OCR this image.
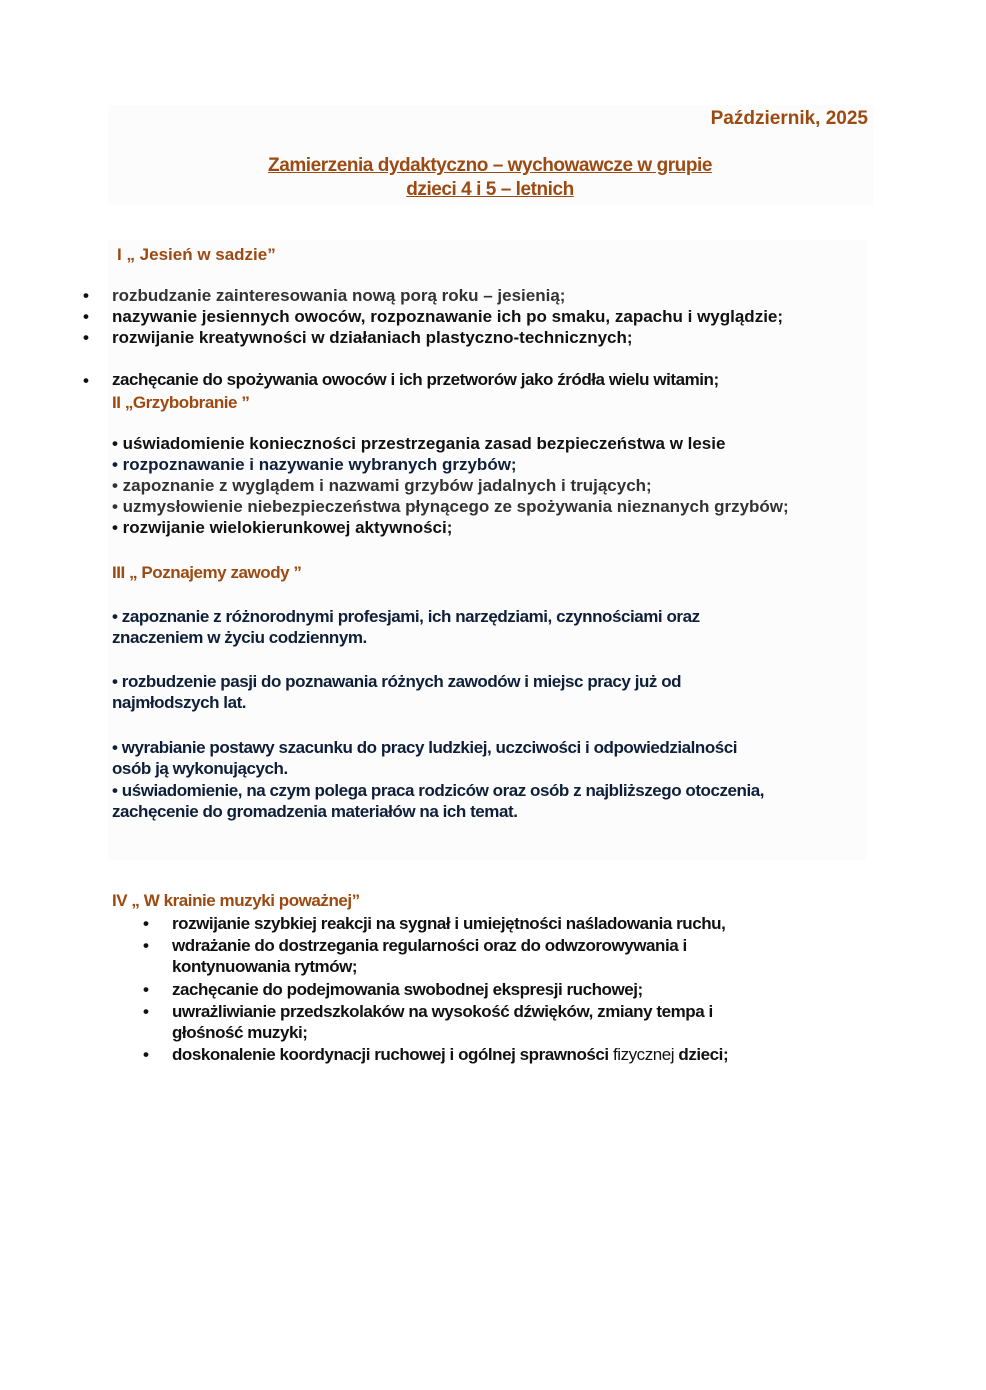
Październik, 2025
Zamierzenia dydaktyczno – wychowawcze w grupie
dzieci 4 i 5 – letnich
I „ Jesień w sadzie”
• rozbudzanie zainteresowania nową porą roku – jesienią;
• nazywanie jesiennych owoców, rozpoznawanie ich po smaku, zapachu i wyglądzie;
• rozwijanie kreatywności w działaniach plastyczno-technicznych;
• zachęcanie do spożywania owoców i ich przetworów jako źródła wielu witamin;
II „Grzybobranie ”
• uświadomienie konieczności przestrzegania zasad bezpieczeństwa w lesie
• rozpoznawanie i nazywanie wybranych grzybów;
• zapoznanie z wyglądem i nazwami grzybów jadalnych i trujących;
• uzmysłowienie niebezpieczeństwa płynącego ze spożywania nieznanych grzybów;
• rozwijanie wielokierunkowej aktywności;
III „ Poznajemy zawody ”
• zapoznanie z różnorodnymi profesjami, ich narzędziami, czynnościami oraz
znaczeniem w życiu codziennym.
• rozbudzenie pasji do poznawania różnych zawodów i miejsc pracy już od
najmłodszych lat.
• wyrabianie postawy szacunku do pracy ludzkiej, uczciwości i odpowiedzialności
osób ją wykonujących.
• uświadomienie, na czym polega praca rodziców oraz osób z najbliższego otoczenia,
zachęcenie do gromadzenia materiałów na ich temat.
IV „ W krainie muzyki poważnej”
• rozwijanie szybkiej reakcji na sygnał i umiejętności naśladowania ruchu,
• wdrażanie do dostrzegania regularności oraz do odwzorowywania i
kontynuowania rytmów;
• zachęcanie do podejmowania swobodnej ekspresji ruchowej;
• uwrażliwianie przedszkolaków na wysokość dźwięków, zmiany tempa i
głośność muzyki;
• doskonalenie koordynacji ruchowej i ogólnej sprawności fizycznej dzieci;
